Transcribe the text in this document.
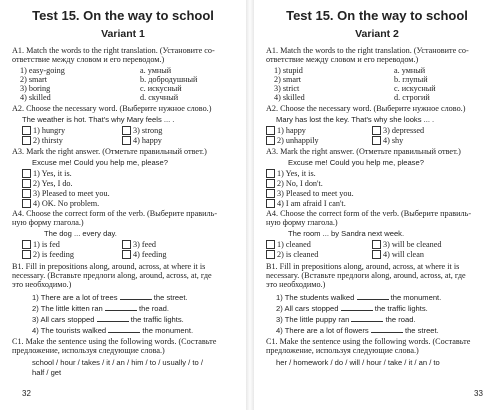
Test 15. On the way to school
Variant 1
A1. Match the words to the right translation. (Установите со-
ответствие между словом и его переводом.)
1) easy-going	a. умный
2) smart	b. добродушный
3) boring	c. искусный
4) skilled	d. скучный
A2. Choose the necessary word. (Выберите нужное слово.)
The weather is hot. That's why Mary feels ... .
1) hungry	3) strong
2) thirsty	4) happy
A3. Mark the right answer. (Отметьте правильный ответ.)
Excuse me! Could you help me, please?
1) Yes, it is.
2) Yes, I do.
3) Pleased to meet you.
4) OK. No problem.
A4. Choose the correct form of the verb. (Выберите правиль-
ную форму глагола.)
The dog ... every day.
1) is fed	3) feed
2) is feeding	4) feeding
B1. Fill in prepositions along, around, across, at where it is
necessary. (Вставьте предлоги along, around, across, at, где
это необходимо.)
1) There are a lot of trees	the street.
2) The little kitten ran	the road.
3) All cars stopped	the traffic lights.
4) The tourists walked	the monument.
C1. Make the sentence using the following words. (Составьте
предложение, используя следующие слова.)
school / hour / takes / it / an / him / to / usually / to /
half / get
32
Test 15. On the way to school
Variant 2
A1. Match the words to the right translation. (Установите со-
ответствие между словом и его переводом.)
1) stupid	a. умный
2) smart	b. глупый
3) strict	c. искусный
4) skilled	d. строгий
A2. Choose the necessary word. (Выберите нужное слово.)
Mary has lost the key. That's why she looks ... .
1) happy	3) depressed
2) unhappily	4) shy
A3. Mark the right answer. (Отметьте правильный ответ.)
Excuse me! Could you help me, please?
1) Yes, it is.
2) No, I don't.
3) Pleased to meet you.
4) I am afraid I can't.
A4. Choose the correct form of the verb. (Выберите правиль-
ную форму глагола.)
The room ... by Sandra next week.
1) cleaned	3) will be cleaned
2) is cleaned	4) will clean
B1. Fill in prepositions along, around, across, at where it is
necessary. (Вставьте предлоги along, around, across, at, где
это необходимо.)
1) The students walked	the monument.
2) All cars stopped	the traffic lights.
3) The little puppy ran	the road.
4) There are a lot of flowers	the street.
C1. Make the sentence using the following words. (Составьте
предложение, используя следующие слова.)
her / homework / do / will / hour / take / it / an / to
33
